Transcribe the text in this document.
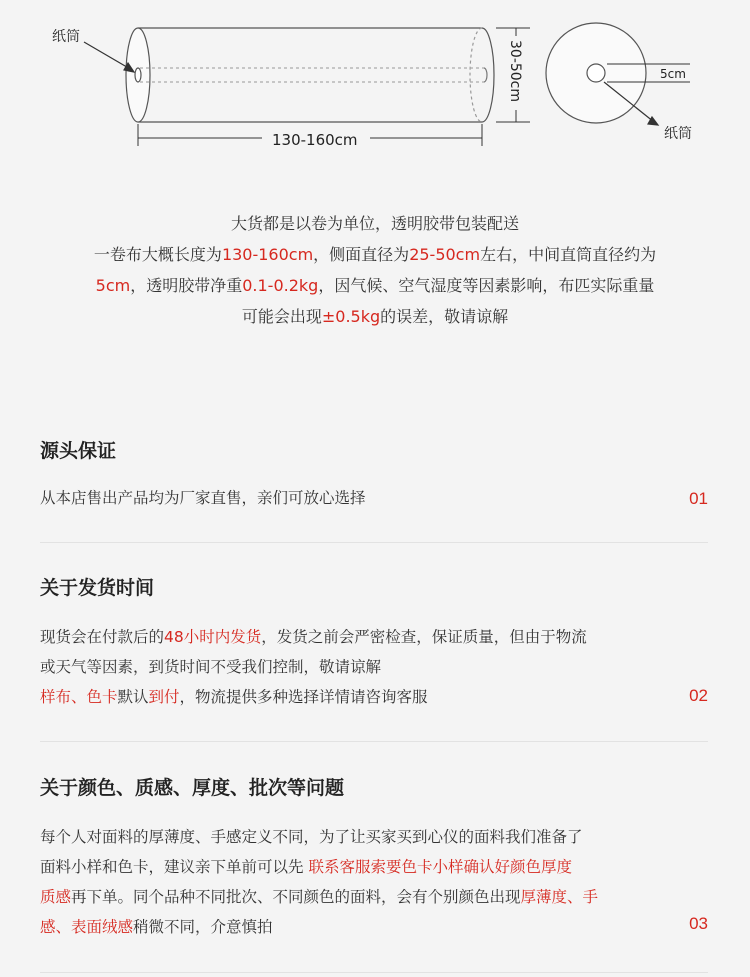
纸筒
130-160cm
30-50cm	5cm
纸筒
大货都是以卷为单位，透明胶带包装配送
一卷布大概长度为130-160cm，侧面直径为25-50cm左右，中间直筒直径约为
5cm，透明胶带净重0.1-0.2kg，因气候、空气湿度等因素影响，布匹实际重量
可能会出现±0.5kg的误差，敬请谅解
源头保证
从本店售出产品均为厂家直售，亲们可放心选择	01
关于发货时间
现货会在付款后的48小时内发货，发货之前会严密检查，保证质量，但由于物流
或天气等因素，到货时间不受我们控制，敬请谅解
样布、色卡默认到付，物流提供多种选择详情请咨询客服	02
关于颜色、质感、厚度、批次等问题
每个人对面料的厚薄度、手感定义不同，为了让买家买到心仪的面料我们准备了
面料小样和色卡，建议亲下单前可以先 联系客服索要色卡小样确认好颜色厚度
质感再下单。同个品种不同批次、不同颜色的面料，会有个别颜色出现厚薄度、手
感、表面绒感稍微不同，介意慎拍	03
